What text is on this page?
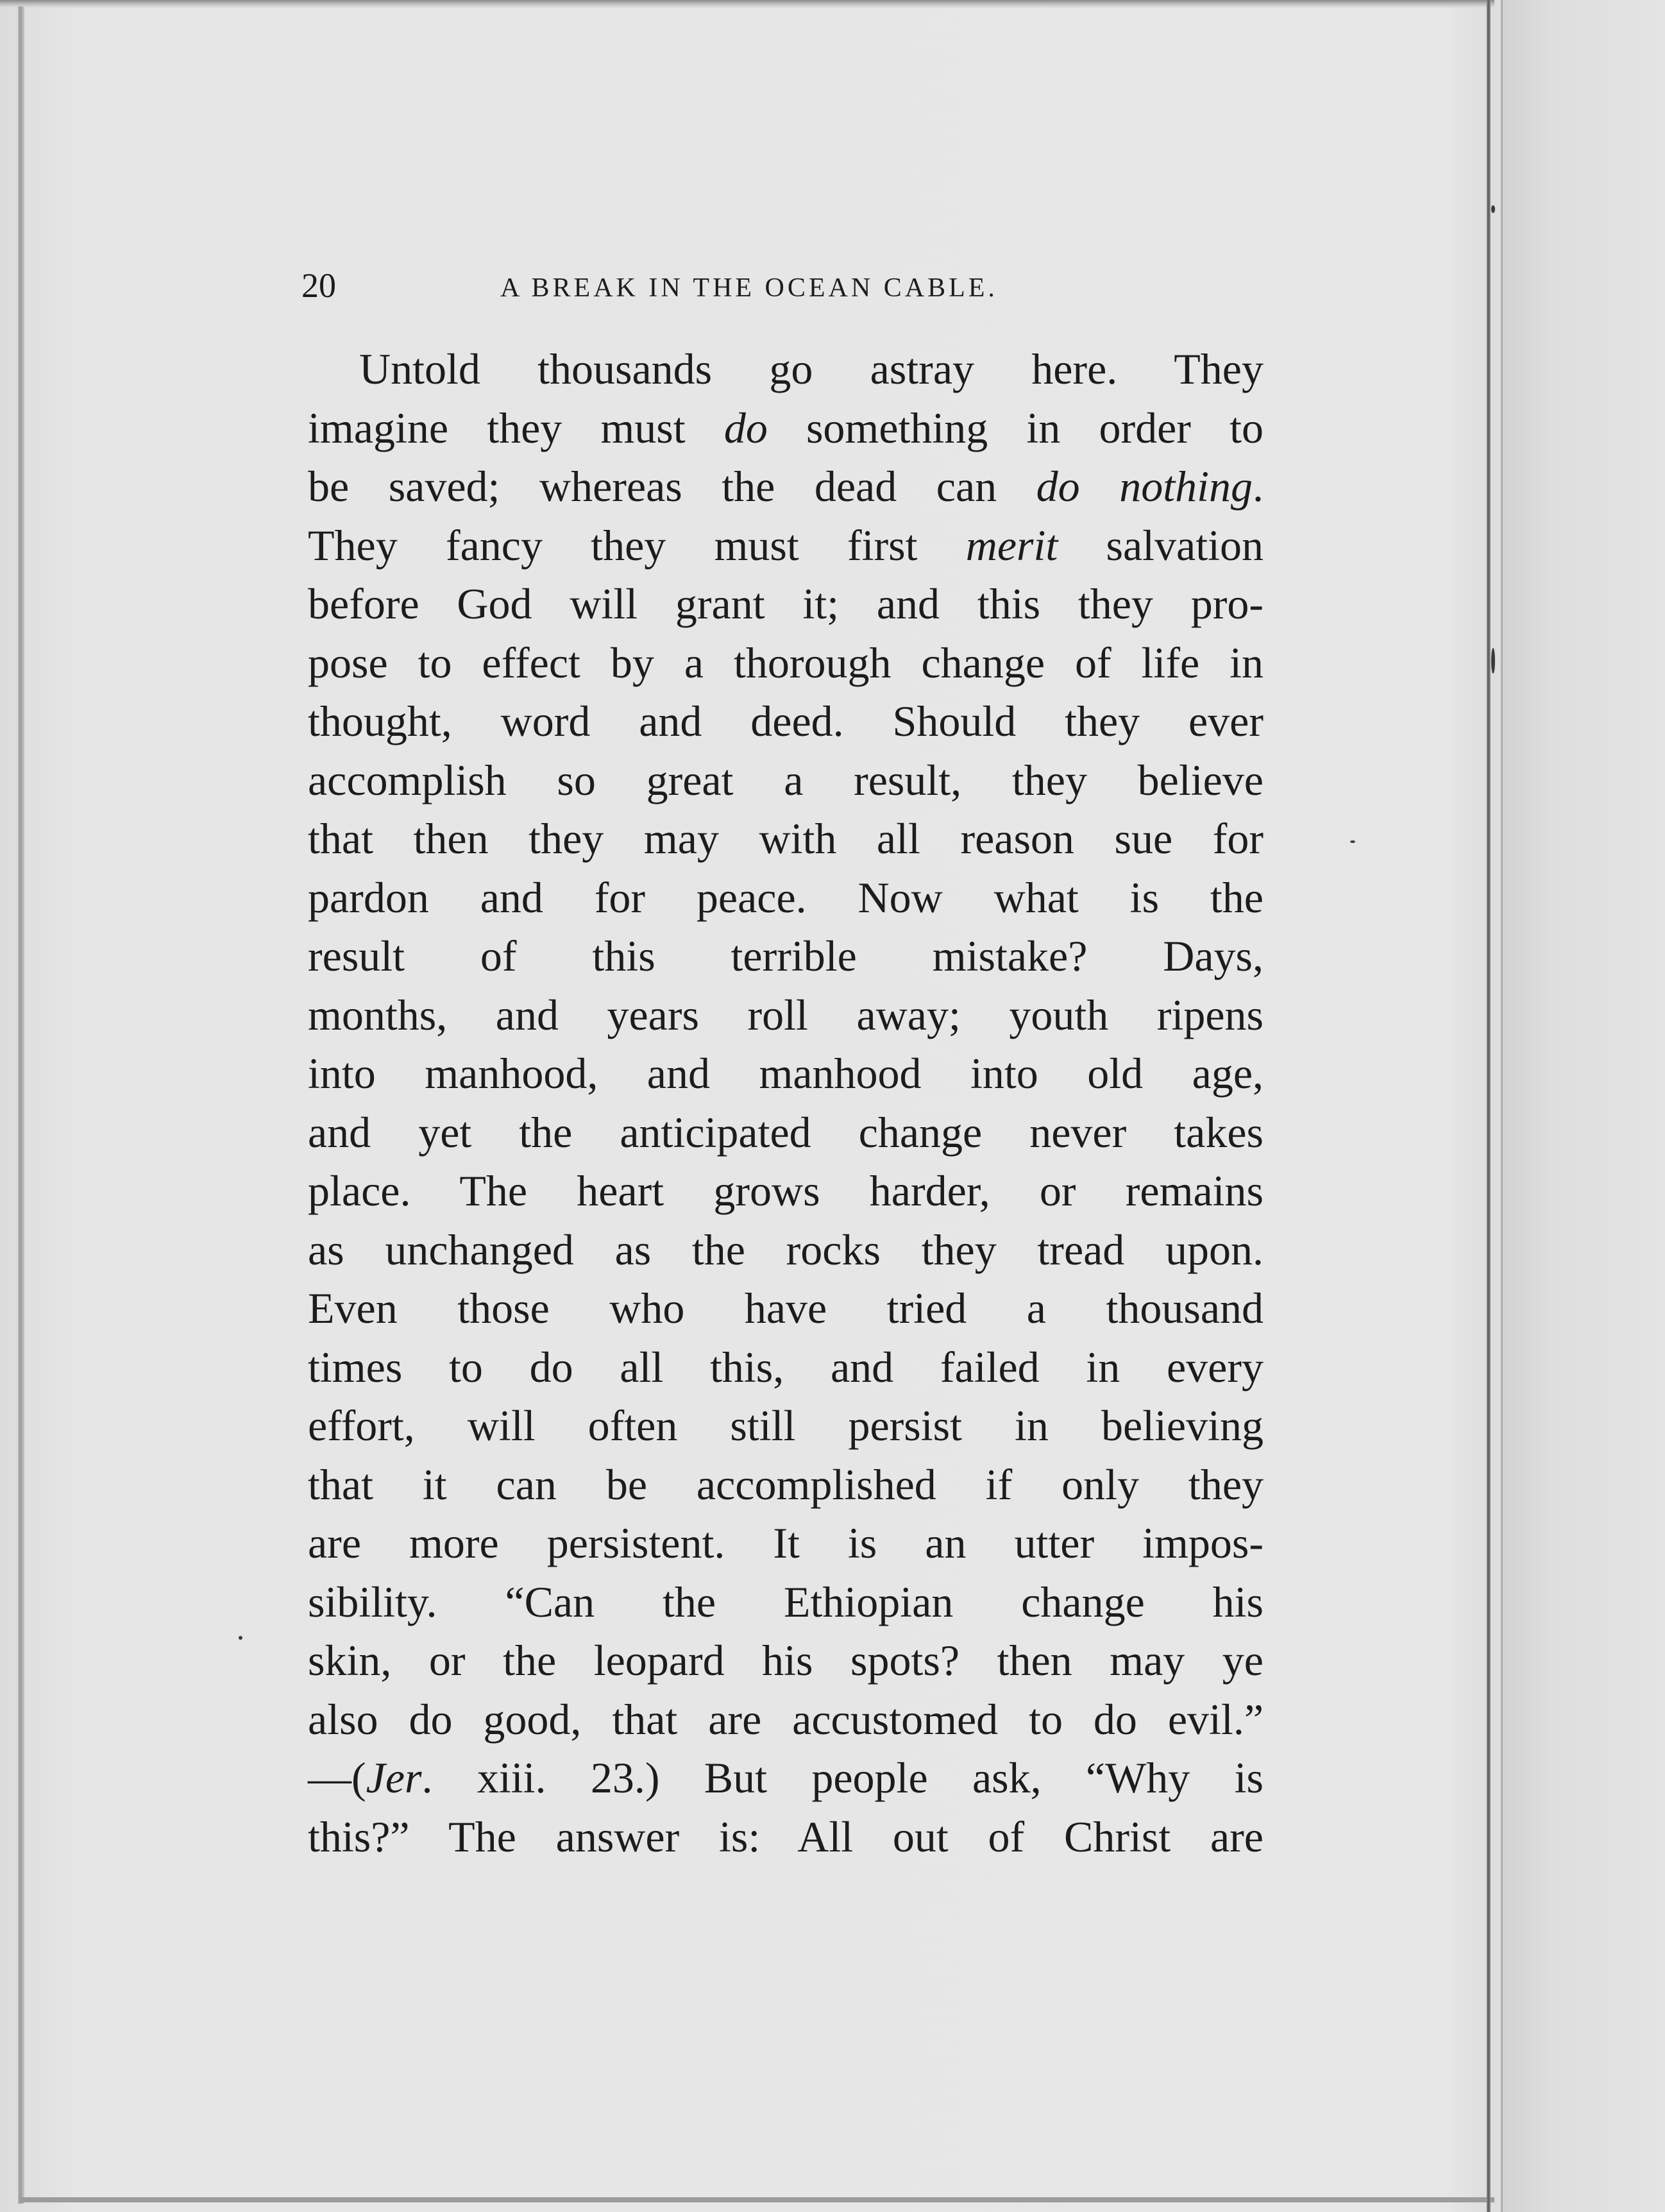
20	A BREAK IN THE OCEAN CABLE.
Untold thousands go astray here. They
imagine they must do something in order to
be saved; whereas the dead can do nothing.
They fancy they must first merit salvation
before God will grant it; and this they pro-
pose to effect by a thorough change of life in
thought, word and deed. Should they ever
accomplish so great a result, they believe
that then they may with all reason sue for
pardon and for peace. Now what is the
result of this terrible mistake? Days,
months, and years roll away; youth ripens
into manhood, and manhood into old age,
and yet the anticipated change never takes
place. The heart grows harder, or remains
as unchanged as the rocks they tread upon.
Even those who have tried a thousand
times to do all this, and failed in every
effort, will often still persist in believing
that it can be accomplished if only they
are more persistent. It is an utter impos-
sibility. “Can the Ethiopian change his
skin, or the leopard his spots? then may ye
also do good, that are accustomed to do evil.”
—(Jer. xiii. 23.) But people ask, “Why is
this?” The answer is: All out of Christ are
